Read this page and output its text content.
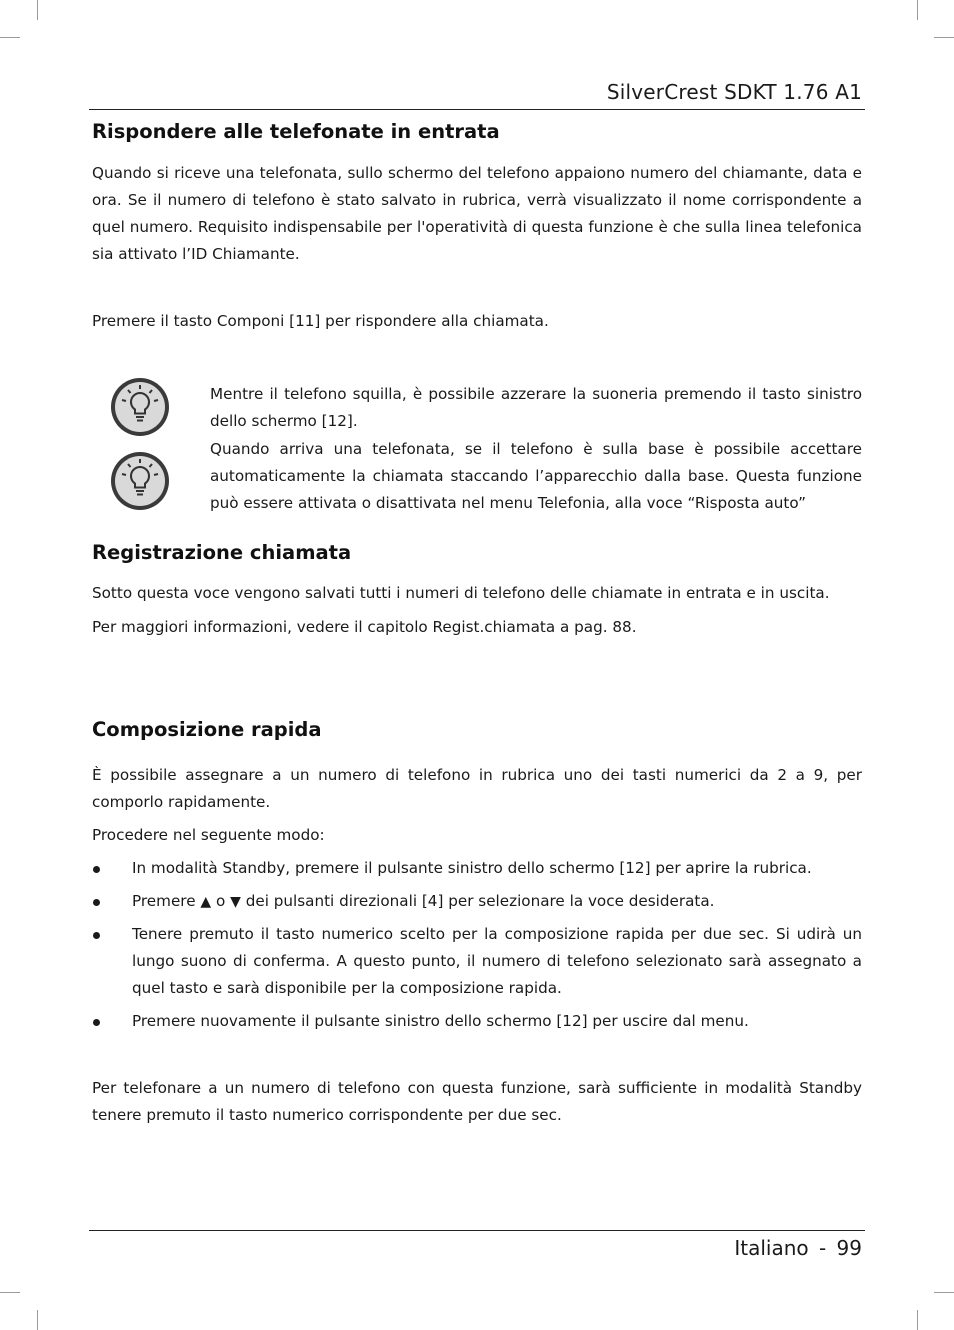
SilverCrest SDKT 1.76 A1
Rispondere alle telefonate in entrata

Quando si riceve una telefonata, sullo schermo del telefono appaiono numero del chiamante, data e ora. Se il numero di telefono è stato salvato in rubrica, verrà visualizzato il nome corrispondente a quel numero. Requisito indispensabile per l'operatività di questa funzione è che sulla linea telefonica sia attivato l’ID Chiamante.

Premere il tasto Componi [11] per rispondere alla chiamata.

Mentre il telefono squilla, è possibile azzerare la suoneria premendo il tasto sinistro dello schermo [12].

Quando arriva una telefonata, se il telefono è sulla base è possibile accettare automaticamente la chiamata staccando l’apparecchio dalla base. Questa funzione può essere attivata o disattivata nel menu Telefonia, alla voce “Risposta auto”

Registrazione chiamata

Sotto questa voce vengono salvati tutti i numeri di telefono delle chiamate in entrata e in uscita.

Per maggiori informazioni, vedere il capitolo Regist.chiamata a pag. 88.

Composizione rapida

È possibile assegnare a un numero di telefono in rubrica uno dei tasti numerici da 2 a 9, per comporlo rapidamente.

Procedere nel seguente modo:

In modalità Standby, premere il pulsante sinistro dello schermo [12] per aprire la rubrica.

Premere ▲ o ▼ dei pulsanti direzionali [4] per selezionare la voce desiderata.

Tenere premuto il tasto numerico scelto per la composizione rapida per due sec. Si udirà un lungo suono di conferma. A questo punto, il numero di telefono selezionato sarà assegnato a quel tasto e sarà disponibile per la composizione rapida.

Premere nuovamente il pulsante sinistro dello schermo [12] per uscire dal menu.

Per telefonare a un numero di telefono con questa funzione, sarà sufficiente in modalità Standby tenere premuto il tasto numerico corrispondente per due sec.

Italiano - 99
